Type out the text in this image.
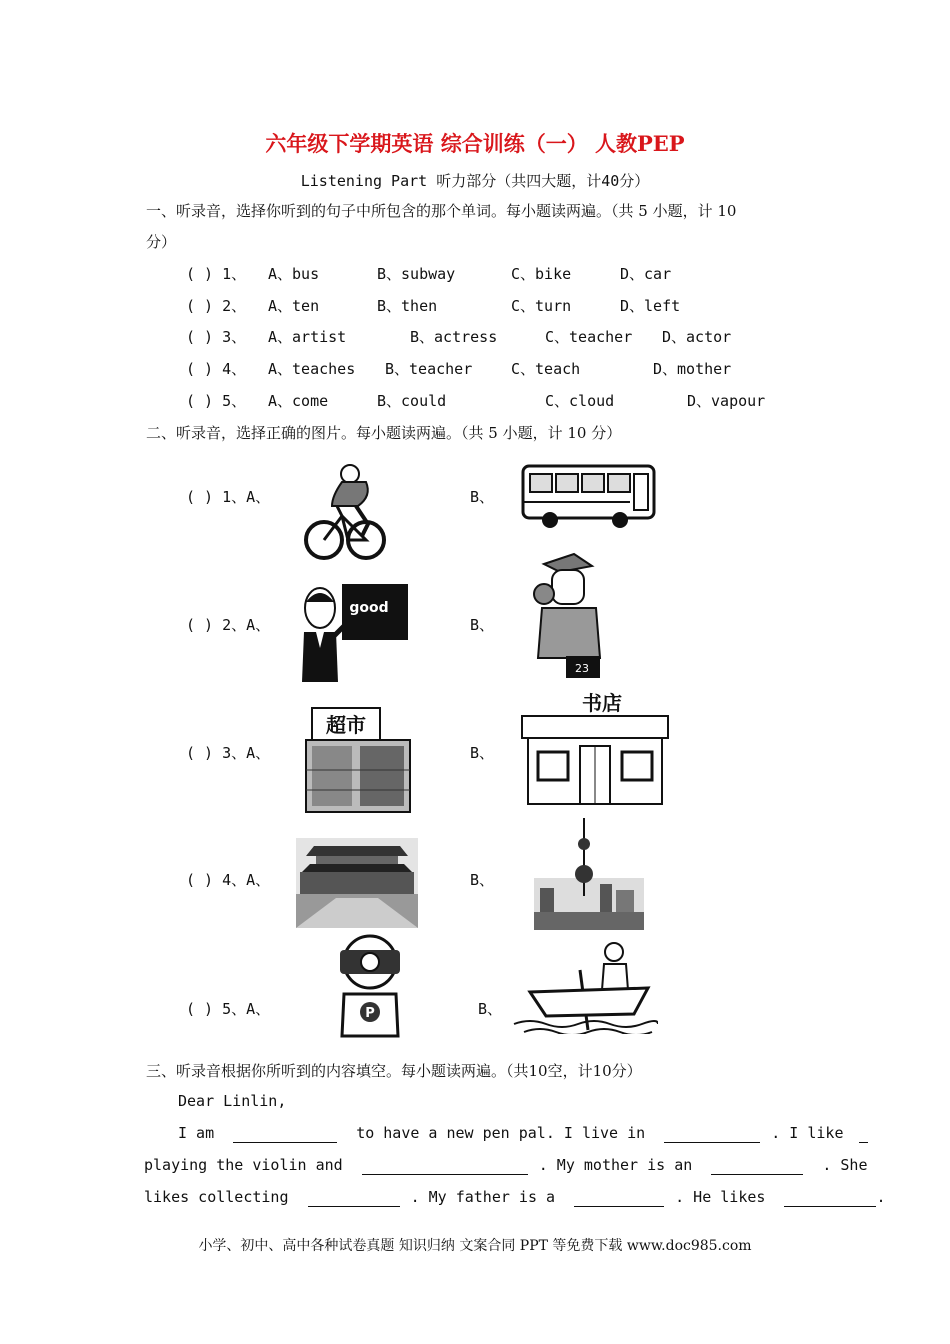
六年级下学期英语 综合训练（一） 人教PEP
Listening Part 听力部分（共四大题，计40分）
一、听录音，选择你听到的句子中所包含的那个单词。每小题读两遍。（共 5 小题，计 10
分）
( ) 1、 A、bus	B、subway	C、bike	D、car
( ) 2、 A、ten	B、then	C、turn	D、left
( ) 3、 A、artist	B、actress	C、teacher D、actor
( ) 4、 A、teaches B、teacher	C、teach	D、mother
( ) 5、 A、come	B、could	C、cloud	D、vapour
二、听录音，选择正确的图片。每小题读两遍。（共 5 小题，计 10 分）
( ) 1、A、	B、
( ) 2、A、	B、
good
23
( ) 3、A、	B、
超市
书店
( ) 4、A、	B、
( ) 5、A、	B、
P
三、听录音根据你所听到的内容填空。每小题读两遍。（共10空，计10分）
Dear Linlin,
I am	to have a new pen pal. I live in	. I like
playing the violin and	. My mother is an	. She
likes collecting	. My father is a	. He likes	.
小学、初中、高中各种试卷真题 知识归纳 文案合同 PPT 等免费下载 www.doc985.com
